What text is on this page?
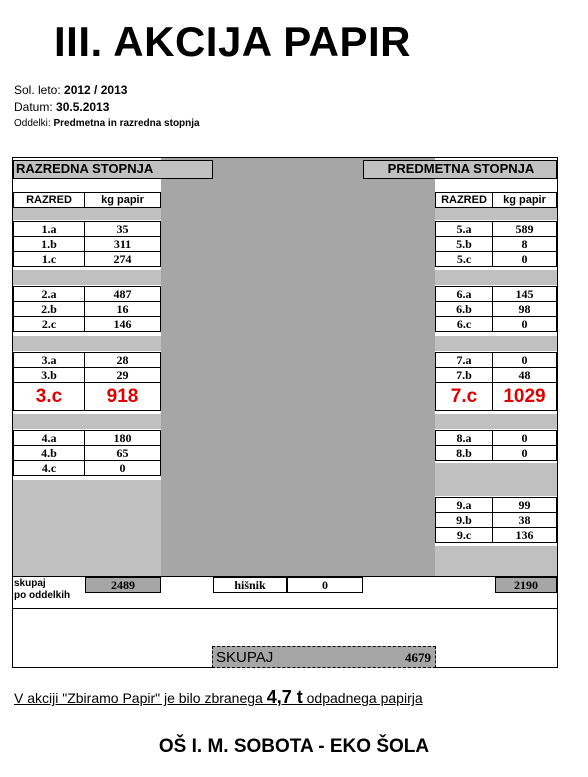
III. AKCIJA PAPIR
Sol. leto: 2012 / 2013
Datum: 30.5.2013
Oddelki: Predmetna in razredna stopnja
RAZREDNA STOPNJA	PREDMETNA STOPNJA
RAZRED	kg papir	RAZRED	kg papir
1.a	35
1.b	311
1.c	274
2.a	487
2.b	16
2.c	146
3.a	28
3.b	29
3.c	918
4.a	180
4.b	65
4.c	0
5.a	589
5.b	8
5.c	0
6.a	145
6.b	98
6.c	0
7.a	0
7.b	48
7.c	1029
8.a	0
8.b	0
9.a	99
9.b	38
9.c	136
skupaj
po oddelkih
2489	hišnik	0	2190
SKUPAJ	4679
V akciji "Zbiramo Papir" je bilo zbranega 4,7 t odpadnega papirja
OŠ I. M. SOBOTA - EKO ŠOLA
